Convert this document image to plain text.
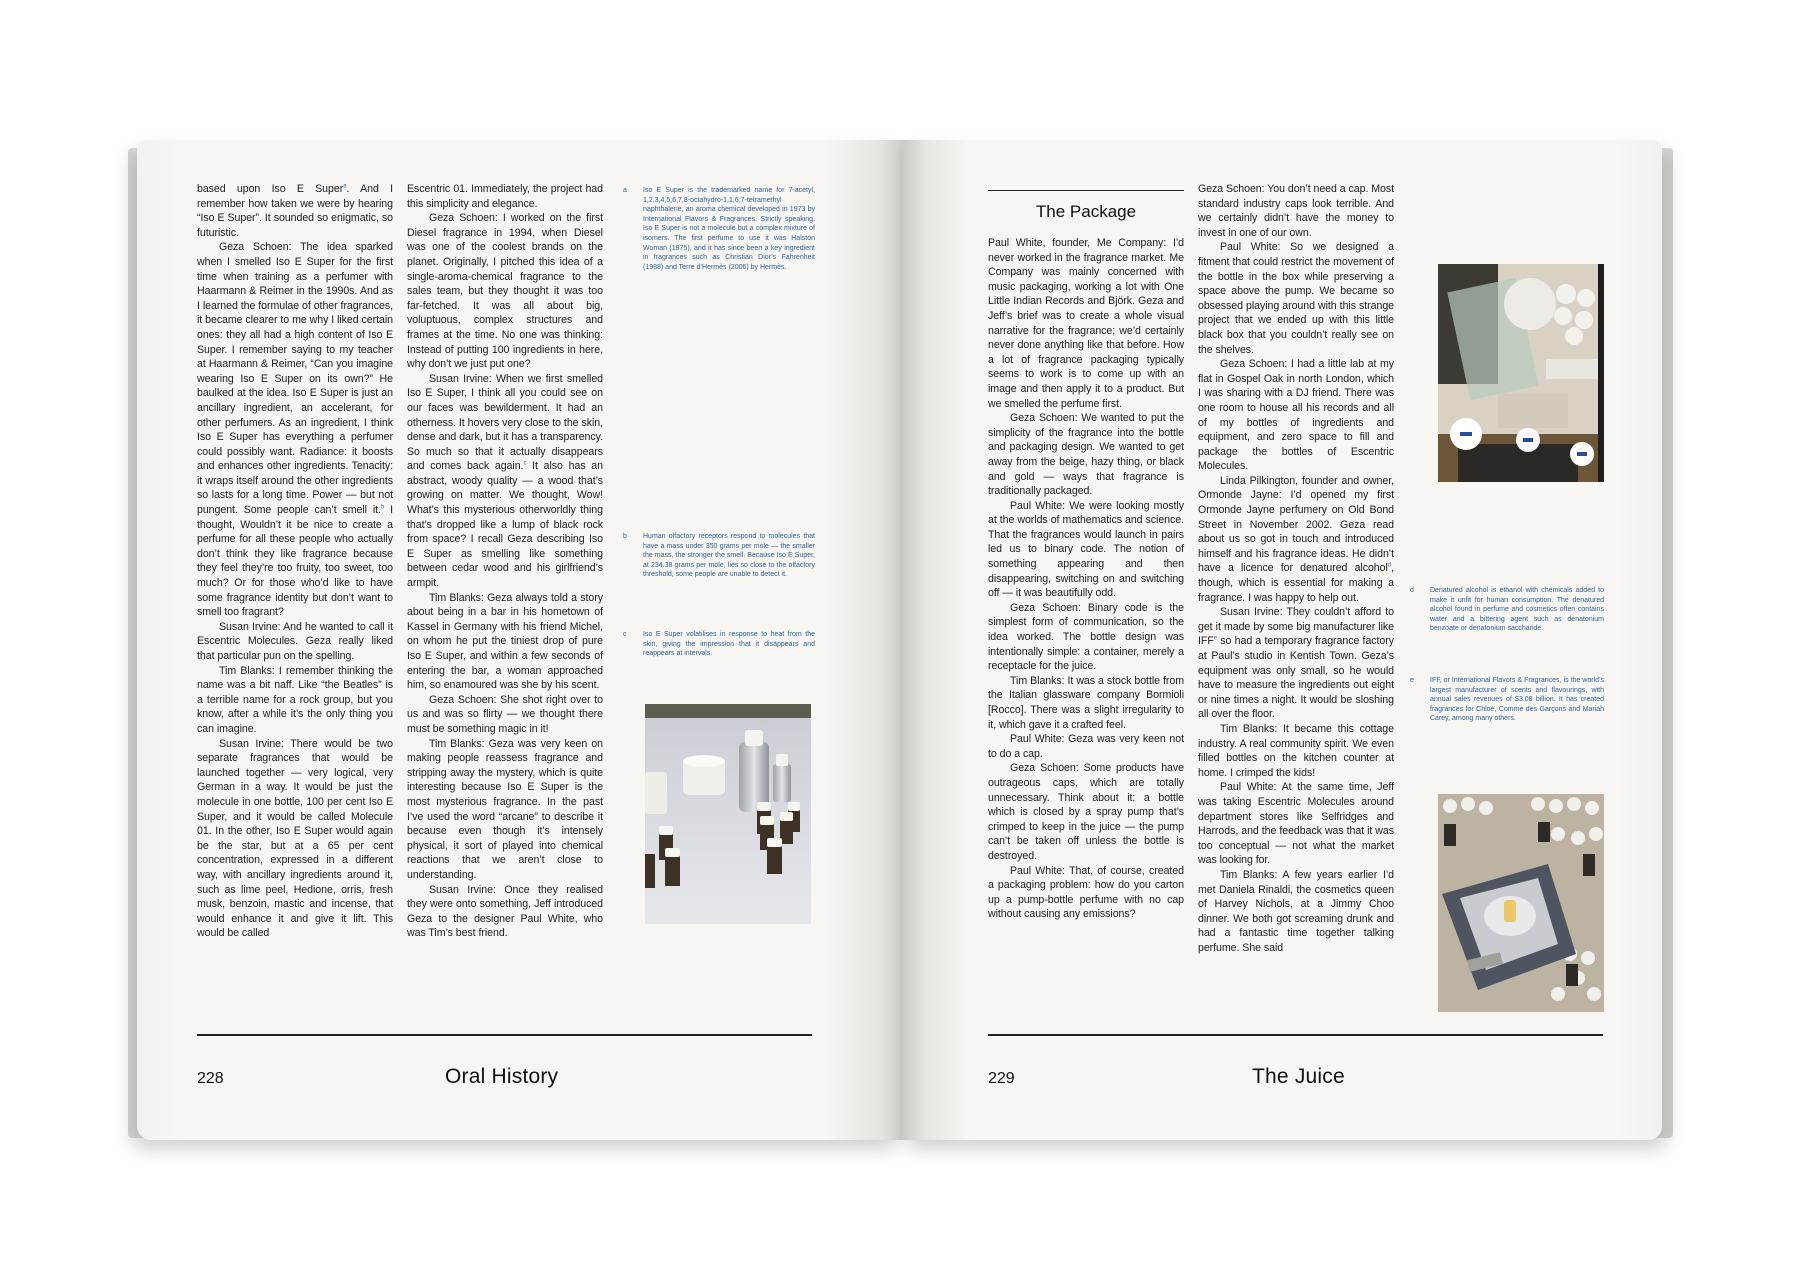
based upon Iso E Super$^a$. And I remember how taken we were by hearing “Iso E Super”. It sounded so enigmatic, so futuristic.

Geza Schoen: The idea sparked when I smelled Iso E Super for the first time when training as a perfumer with Haarmann & Reimer in the 1990s. And as I learned the formulae of other fragrances, it became clearer to me why I liked certain ones: they all had a high content of Iso E Super. I remember saying to my teacher at Haarmann & Reimer, “Can you imagine wearing Iso E Super on its own?” He baulked at the idea. Iso E Super is just an ancillary ingredient, an accelerant, for other perfumers. As an ingredient, I think Iso E Super has everything a perfumer could possibly want. Radiance: it boosts and enhances other ingredients. Tenacity: it wraps itself around the other ingredients so lasts for a long time. Power — but not pungent. Some people can’t smell it.$^b$ I thought, Wouldn’t it be nice to create a perfume for all these people who actually don’t think they like fragrance because they feel they’re too fruity, too sweet, too much? Or for those who’d like to have some fragrance identity but don’t want to smell too fragrant?

Susan Irvine: And he wanted to call it Escentric Molecules. Geza really liked that particular pun on the spelling.

Tim Blanks: I remember thinking the name was a bit naff. Like “the Beatles” is a terrible name for a rock group, but you know, after a while it’s the only thing you can imagine.

Susan Irvine: There would be two separate fragrances that would be launched together — very logical, very German in a way. It would be just the molecule in one bottle, 100 per cent Iso E Super, and it would be called Molecule 01. In the other, Iso E Super would again be the star, but at a 65 per cent concentration, expressed in a different way, with ancillary ingredients around it, such as lime peel, Hedione, orris, fresh musk, benzoin, mastic and incense, that would enhance it and give it lift. This would be called

Escentric 01. Immediately, the project had this simplicity and elegance.

Geza Schoen: I worked on the first Diesel fragrance in 1994, when Diesel was one of the coolest brands on the planet. Originally, I pitched this idea of a single-aroma-chemical fragrance to the sales team, but they thought it was too far-fetched. It was all about big, voluptuous, complex structures and frames at the time. No one was thinking: Instead of putting 100 ingredients in here, why don’t we just put one?

Susan Irvine: When we first smelled Iso E Super, I think all you could see on our faces was bewilderment. It had an otherness. It hovers very close to the skin, dense and dark, but it has a transparency. So much so that it actually disappears and comes back again.$^c$ It also has an abstract, woody quality — a wood that’s growing on matter. We thought, Wow! What’s this mysterious otherworldly thing that’s dropped like a lump of black rock from space? I recall Geza describing Iso E Super as smelling like something between cedar wood and his girlfriend’s armpit.

Tim Blanks: Geza always told a story about being in a bar in his hometown of Kassel in Germany with his friend Michel, on whom he put the tiniest drop of pure Iso E Super, and within a few seconds of entering the bar, a woman approached him, so enamoured was she by his scent.

Geza Schoen: She shot right over to us and was so flirty — we thought there must be something magic in it!

Tim Blanks: Geza was very keen on making people reassess fragrance and stripping away the mystery, which is quite interesting because Iso E Super is the most mysterious fragrance. In the past I’ve used the word “arcane” to describe it because even though it’s intensely physical, it sort of played into chemical reactions that we aren’t close to understanding.

Susan Irvine: Once they realised they were onto something, Jeff introduced Geza to the designer Paul White, who was Tim’s best friend.

a Iso E Super is the trademarked name for 7-acetyl, 1,2,3,4,5,6,7,8-octahydro-1,1,6,7-tetramethyl naphthalene, an aroma chemical developed in 1973 by International Flavors & Fragrances. Strictly speaking, Iso E Super is not a molecule but a complex mixture of isomers. The first perfume to use it was Halston Woman (1975), and it has since been a key ingredient in fragrances such as Christian Dior’s Fahrenheit (1988) and Terre d’Hermès (2006) by Hermès.
b Human olfactory receptors respond to molecules that have a mass under 350 grams per mole — the smaller the mass, the stronger the smell. Because Iso E Super, at 234.38 grams per mole, lies so close to the olfactory threshold, some people are unable to detect it.
c Iso E Super volatilises in response to heat from the skin, giving the impression that it disappears and reappears at intervals.
228	Oral History
The Package

Paul White, founder, Me Company: I’d never worked in the fragrance market. Me Company was mainly concerned with music packaging, working a lot with One Little Indian Records and Björk. Geza and Jeff’s brief was to create a whole visual narrative for the fragrance; we’d certainly never done anything like that before. How a lot of fragrance packaging typically seems to work is to come up with an image and then apply it to a product. But we smelled the perfume first.

Geza Schoen: We wanted to put the simplicity of the fragrance into the bottle and packaging design. We wanted to get away from the beige, hazy thing, or black and gold — ways that fragrance is traditionally packaged.

Paul White: We were looking mostly at the worlds of mathematics and science. That the fragrances would launch in pairs led us to binary code. The notion of something appearing and then disappearing, switching on and switching off — it was beautifully odd.

Geza Schoen: Binary code is the simplest form of communication, so the idea worked. The bottle design was intentionally simple: a container, merely a receptacle for the juice.

Tim Blanks: It was a stock bottle from the Italian glassware company Bormioli [Rocco]. There was a slight irregularity to it, which gave it a crafted feel.

Paul White: Geza was very keen not to do a cap.

Geza Schoen: Some products have outrageous caps, which are totally unnecessary. Think about it: a bottle which is closed by a spray pump that’s crimped to keep in the juice — the pump can’t be taken off unless the bottle is destroyed.

Paul White: That, of course, created a packaging problem: how do you carton up a pump-bottle perfume with no cap without causing any emissions?

Geza Schoen: You don’t need a cap. Most standard industry caps look terrible. And we certainly didn’t have the money to invest in one of our own.

Paul White: So we designed a fitment that could restrict the movement of the bottle in the box while preserving a space above the pump. We became so obsessed playing around with this strange project that we ended up with this little black box that you couldn’t really see on the shelves.

Geza Schoen: I had a little lab at my flat in Gospel Oak in north London, which I was sharing with a DJ friend. There was one room to house all his records and all of my bottles of ingredients and equipment, and zero space to fill and package the bottles of Escentric Molecules.

Linda Pilkington, founder and owner, Ormonde Jayne: I’d opened my first Ormonde Jayne perfumery on Old Bond Street in November 2002. Geza read about us so got in touch and introduced himself and his fragrance ideas. He didn’t have a licence for denatured alcohol$^d$, though, which is essential for making a fragrance. I was happy to help out.

Susan Irvine: They couldn’t afford to get it made by some big manufacturer like IFF$^e$ so had a temporary fragrance factory at Paul’s studio in Kentish Town. Geza’s equipment was only small, so he would have to measure the ingredients out eight or nine times a night. It would be sloshing all over the floor.

Tim Blanks: It became this cottage industry. A real community spirit. We even filled bottles on the kitchen counter at home. I crimped the kids!

Paul White: At the same time, Jeff was taking Escentric Molecules around department stores like Selfridges and Harrods, and the feedback was that it was too conceptual — not what the market was looking for.

Tim Blanks: A few years earlier I’d met Daniela Rinaldi, the cosmetics queen of Harvey Nichols, at a Jimmy Choo dinner. We both got screaming drunk and had a fantastic time together talking perfume. She said

d Denatured alcohol is ethanol with chemicals added to make it unfit for human consumption. The denatured alcohol found in perfume and cosmetics often contains water and a bittering agent such as denatonium benzoate or denatonium saccharide.
e IFF, or International Flavors & Fragrances, is the world’s largest manufacturer of scents and flavourings, with annual sales revenues of $3.08 billion. It has created fragrances for Chloé, Comme des Garçons and Mariah Carey, among many others.
229	The Juice
